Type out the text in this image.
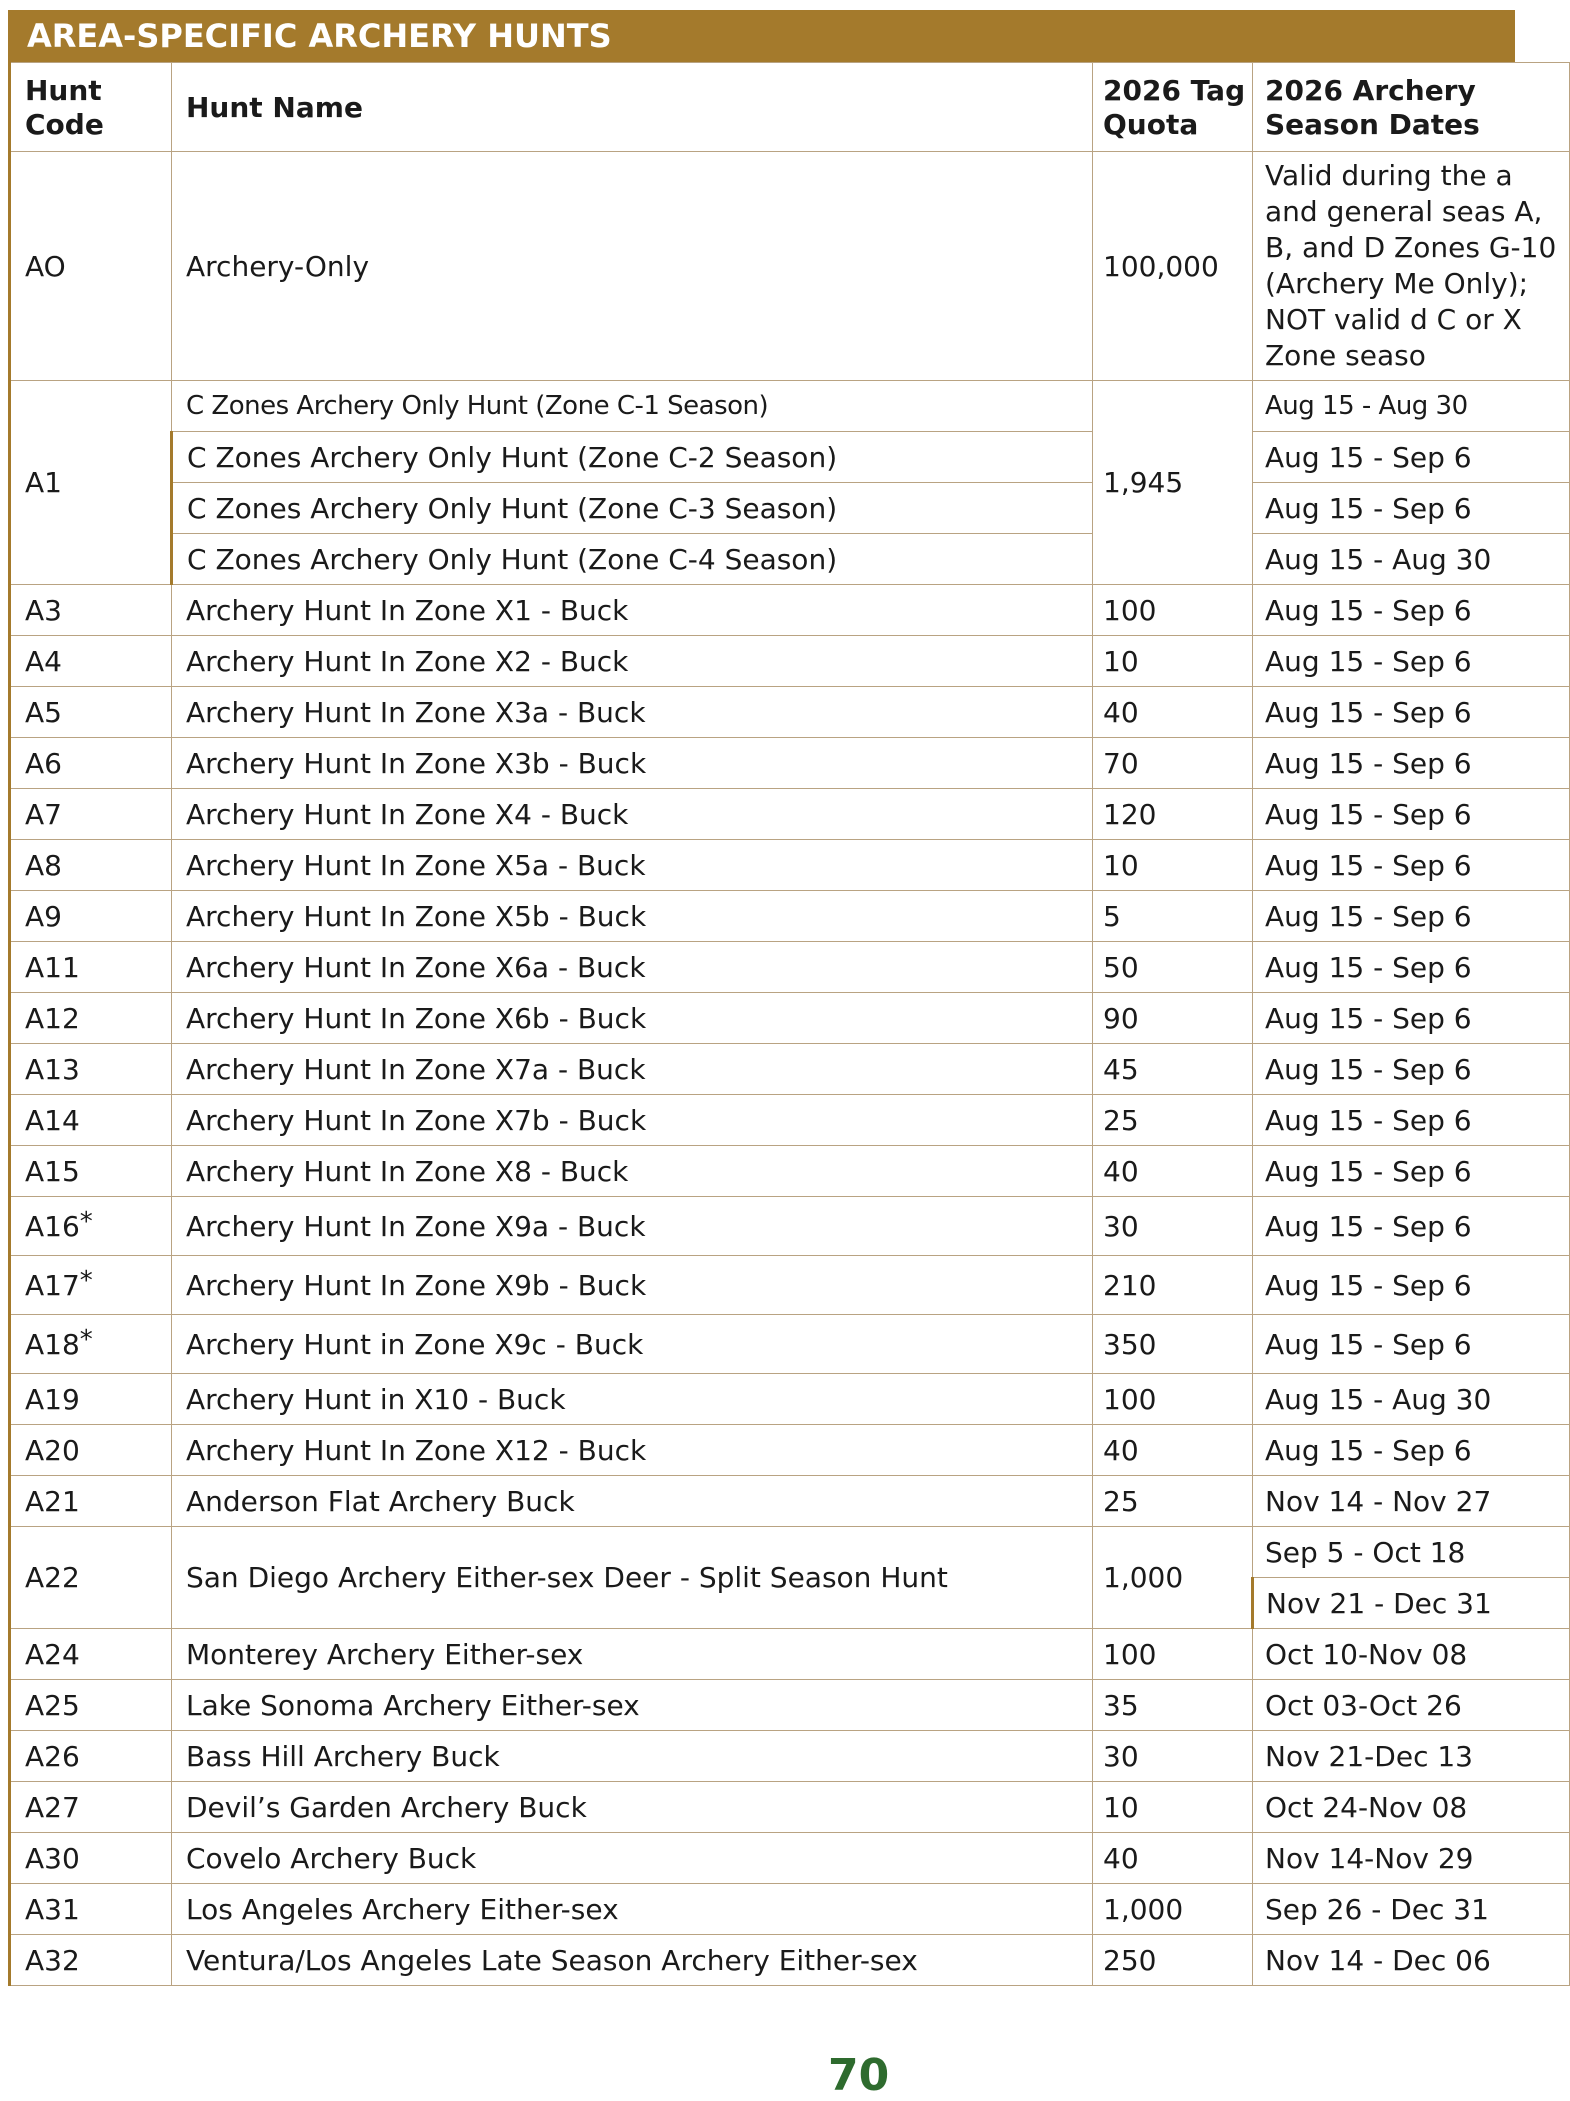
AREA-SPECIFIC ARCHERY HUNTS
Hunt Code	Hunt Name	2026 Tag Quota	2026 Archery Season Dates
AO	Archery-Only	100,000	Valid during the a and general seas A, B, and D Zones G-10 (Archery Me Only); NOT valid d C or X Zone seaso
A1	C Zones Archery Only Hunt (Zone C-1 Season)	1,945	Aug 15 - Aug 30
	C Zones Archery Only Hunt (Zone C-2 Season)		Aug 15 - Sep 6
	C Zones Archery Only Hunt (Zone C-3 Season)		Aug 15 - Sep 6
	C Zones Archery Only Hunt (Zone C-4 Season)		Aug 15 - Aug 30
A3	Archery Hunt In Zone X1 - Buck	100	Aug 15 - Sep 6
A4	Archery Hunt In Zone X2 - Buck	10	Aug 15 - Sep 6
A5	Archery Hunt In Zone X3a - Buck	40	Aug 15 - Sep 6
A6	Archery Hunt In Zone X3b - Buck	70	Aug 15 - Sep 6
A7	Archery Hunt In Zone X4 - Buck	120	Aug 15 - Sep 6
A8	Archery Hunt In Zone X5a - Buck	10	Aug 15 - Sep 6
A9	Archery Hunt In Zone X5b - Buck	5	Aug 15 - Sep 6
A11	Archery Hunt In Zone X6a - Buck	50	Aug 15 - Sep 6
A12	Archery Hunt In Zone X6b - Buck	90	Aug 15 - Sep 6
A13	Archery Hunt In Zone X7a - Buck	45	Aug 15 - Sep 6
A14	Archery Hunt In Zone X7b - Buck	25	Aug 15 - Sep 6
A15	Archery Hunt In Zone X8 - Buck	40	Aug 15 - Sep 6
A16*	Archery Hunt In Zone X9a - Buck	30	Aug 15 - Sep 6
A17*	Archery Hunt In Zone X9b - Buck	210	Aug 15 - Sep 6
A18*	Archery Hunt in Zone X9c - Buck	350	Aug 15 - Sep 6
A19	Archery Hunt in X10 - Buck	100	Aug 15 - Aug 30
A20	Archery Hunt In Zone X12 - Buck	40	Aug 15 - Sep 6
A21	Anderson Flat Archery Buck	25	Nov 14 - Nov 27
A22	San Diego Archery Either-sex Deer - Split Season Hunt	1,000	Sep 5 - Oct 18
			Nov 21 - Dec 31
A24	Monterey Archery Either-sex	100	Oct 10-Nov 08
A25	Lake Sonoma Archery Either-sex	35	Oct 03-Oct 26
A26	Bass Hill Archery Buck	30	Nov 21-Dec 13
A27	Devil’s Garden Archery Buck	10	Oct 24-Nov 08
A30	Covelo Archery Buck	40	Nov 14-Nov 29
A31	Los Angeles Archery Either-sex	1,000	Sep 26 - Dec 31
A32	Ventura/Los Angeles Late Season Archery Either-sex	250	Nov 14 - Dec 06
70
